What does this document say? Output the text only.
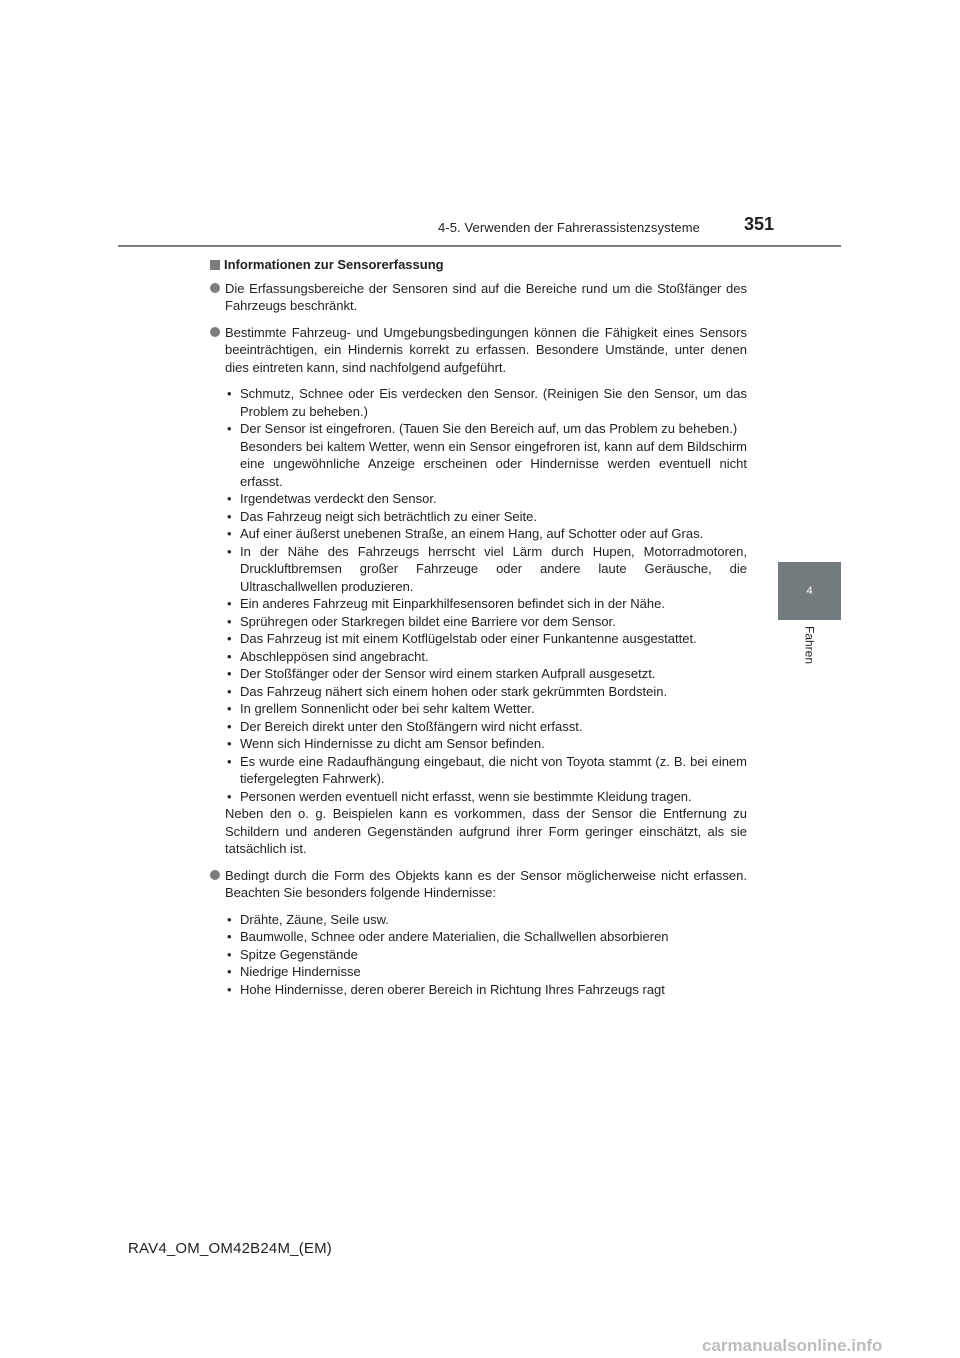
4-5. Verwenden der Fahrerassistenzsysteme 351
4
Fahren
Informationen zur Sensorerfassung
Die Erfassungsbereiche der Sensoren sind auf die Bereiche rund um die Stoßfänger des Fahrzeugs beschränkt.
Bestimmte Fahrzeug- und Umgebungsbedingungen können die Fähigkeit eines Sensors beeinträchtigen, ein Hindernis korrekt zu erfassen. Besondere Umstände, unter denen dies eintreten kann, sind nachfolgend aufgeführt.
• Schmutz, Schnee oder Eis verdecken den Sensor. (Reinigen Sie den Sensor, um das Problem zu beheben.)
• Der Sensor ist eingefroren. (Tauen Sie den Bereich auf, um das Problem zu beheben.)
Besonders bei kaltem Wetter, wenn ein Sensor eingefroren ist, kann auf dem Bildschirm eine ungewöhnliche Anzeige erscheinen oder Hindernisse werden eventuell nicht erfasst.
• Irgendetwas verdeckt den Sensor.
• Das Fahrzeug neigt sich beträchtlich zu einer Seite.
• Auf einer äußerst unebenen Straße, an einem Hang, auf Schotter oder auf Gras.
• In der Nähe des Fahrzeugs herrscht viel Lärm durch Hupen, Motorradmotoren, Druckluftbremsen großer Fahrzeuge oder andere laute Geräusche, die Ultraschallwellen produzieren.
• Ein anderes Fahrzeug mit Einparkhilfesensoren befindet sich in der Nähe.
• Sprühregen oder Starkregen bildet eine Barriere vor dem Sensor.
• Das Fahrzeug ist mit einem Kotflügelstab oder einer Funkantenne ausgestattet.
• Abschleppösen sind angebracht.
• Der Stoßfänger oder der Sensor wird einem starken Aufprall ausgesetzt.
• Das Fahrzeug nähert sich einem hohen oder stark gekrümmten Bordstein.
• In grellem Sonnenlicht oder bei sehr kaltem Wetter.
• Der Bereich direkt unter den Stoßfängern wird nicht erfasst.
• Wenn sich Hindernisse zu dicht am Sensor befinden.
• Es wurde eine Radaufhängung eingebaut, die nicht von Toyota stammt (z. B. bei einem tiefergelegten Fahrwerk).
• Personen werden eventuell nicht erfasst, wenn sie bestimmte Kleidung tragen.
Neben den o. g. Beispielen kann es vorkommen, dass der Sensor die Entfernung zu Schildern und anderen Gegenständen aufgrund ihrer Form geringer einschätzt, als sie tatsächlich ist.
Bedingt durch die Form des Objekts kann es der Sensor möglicherweise nicht erfassen. Beachten Sie besonders folgende Hindernisse:
• Drähte, Zäune, Seile usw.
• Baumwolle, Schnee oder andere Materialien, die Schallwellen absorbieren
• Spitze Gegenstände
• Niedrige Hindernisse
• Hohe Hindernisse, deren oberer Bereich in Richtung Ihres Fahrzeugs ragt
RAV4_OM_OM42B24M_(EM)
carmanualsonline.info
